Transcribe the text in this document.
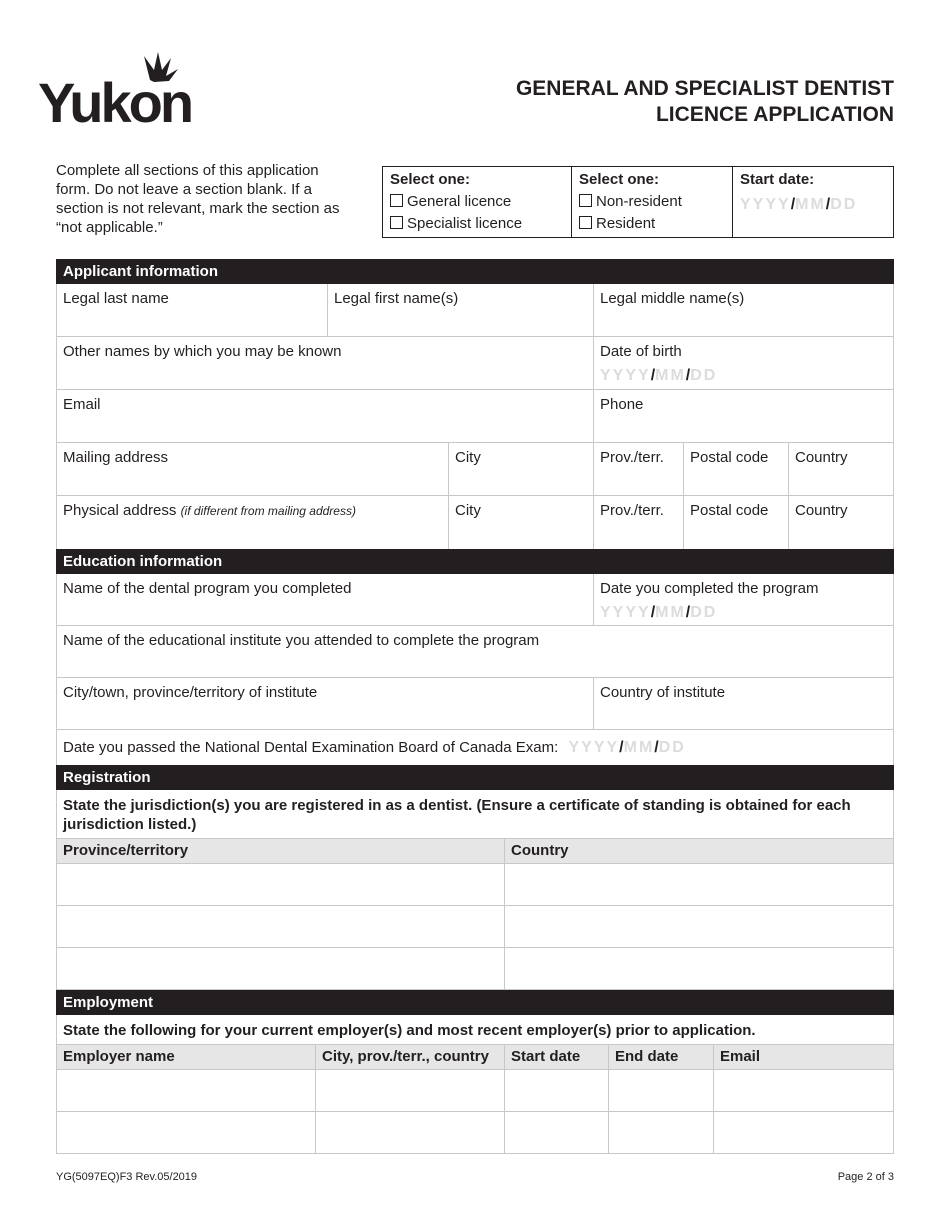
Yukon	GENERAL AND SPECIALIST DENTIST
LICENCE APPLICATION
Complete all sections of this application form. Do not leave a section blank. If a section is not relevant, mark the section as “not applicable.”
Select one:
General licence
Specialist licence

Select one:
Non-resident
Resident

Start date:
YYYY/MM/DD
Applicant information
Legal last name	Legal first name(s)	Legal middle name(s)
Other names by which you may be known	Date of birth
YYYY/MM/DD
Email	Phone
Mailing address	City	Prov./terr.	Postal code	Country
Physical address (if different from mailing address)	City	Prov./terr.	Postal code	Country
Education information
Name of the dental program you completed	Date you completed the program
YYYY/MM/DD
Name of the educational institute you attended to complete the program
City/town, province/territory of institute	Country of institute
Date you passed the National Dental Examination Board of Canada Exam: YYYY/MM/DD
Registration
State the jurisdiction(s) you are registered in as a dentist. (Ensure a certificate of standing is obtained for each jurisdiction listed.)
Province/territory	Country
Employment
State the following for your current employer(s) and most recent employer(s) prior to application.
Employer name	City, prov./terr., country	Start date	End date	Email
YG(5097EQ)F3 Rev.05/2019	Page 2 of 3
